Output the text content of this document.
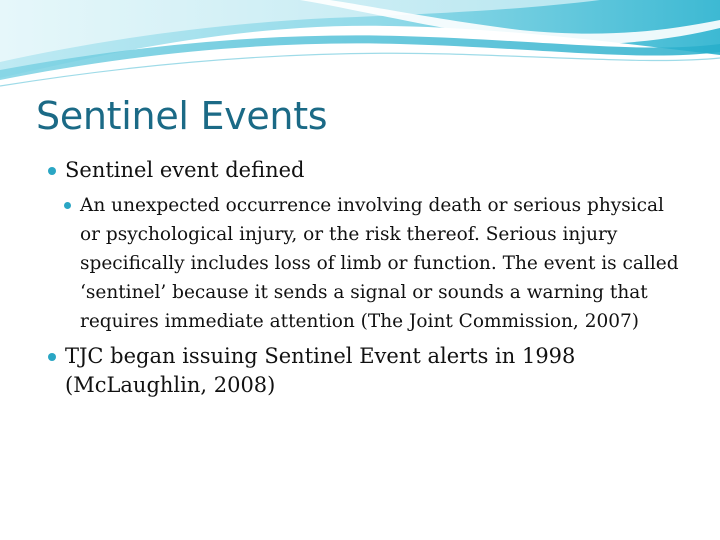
Sentinel Events
Sentinel event defined
An unexpected occurrence involving death or serious physical or psychological injury, or the risk thereof. Serious injury specifically includes loss of limb or function. The event is called ‘sentinel’ because it sends a signal or sounds a warning that requires immediate attention (The Joint Commission, 2007)
TJC began issuing Sentinel Event alerts in 1998 (McLaughlin, 2008)
